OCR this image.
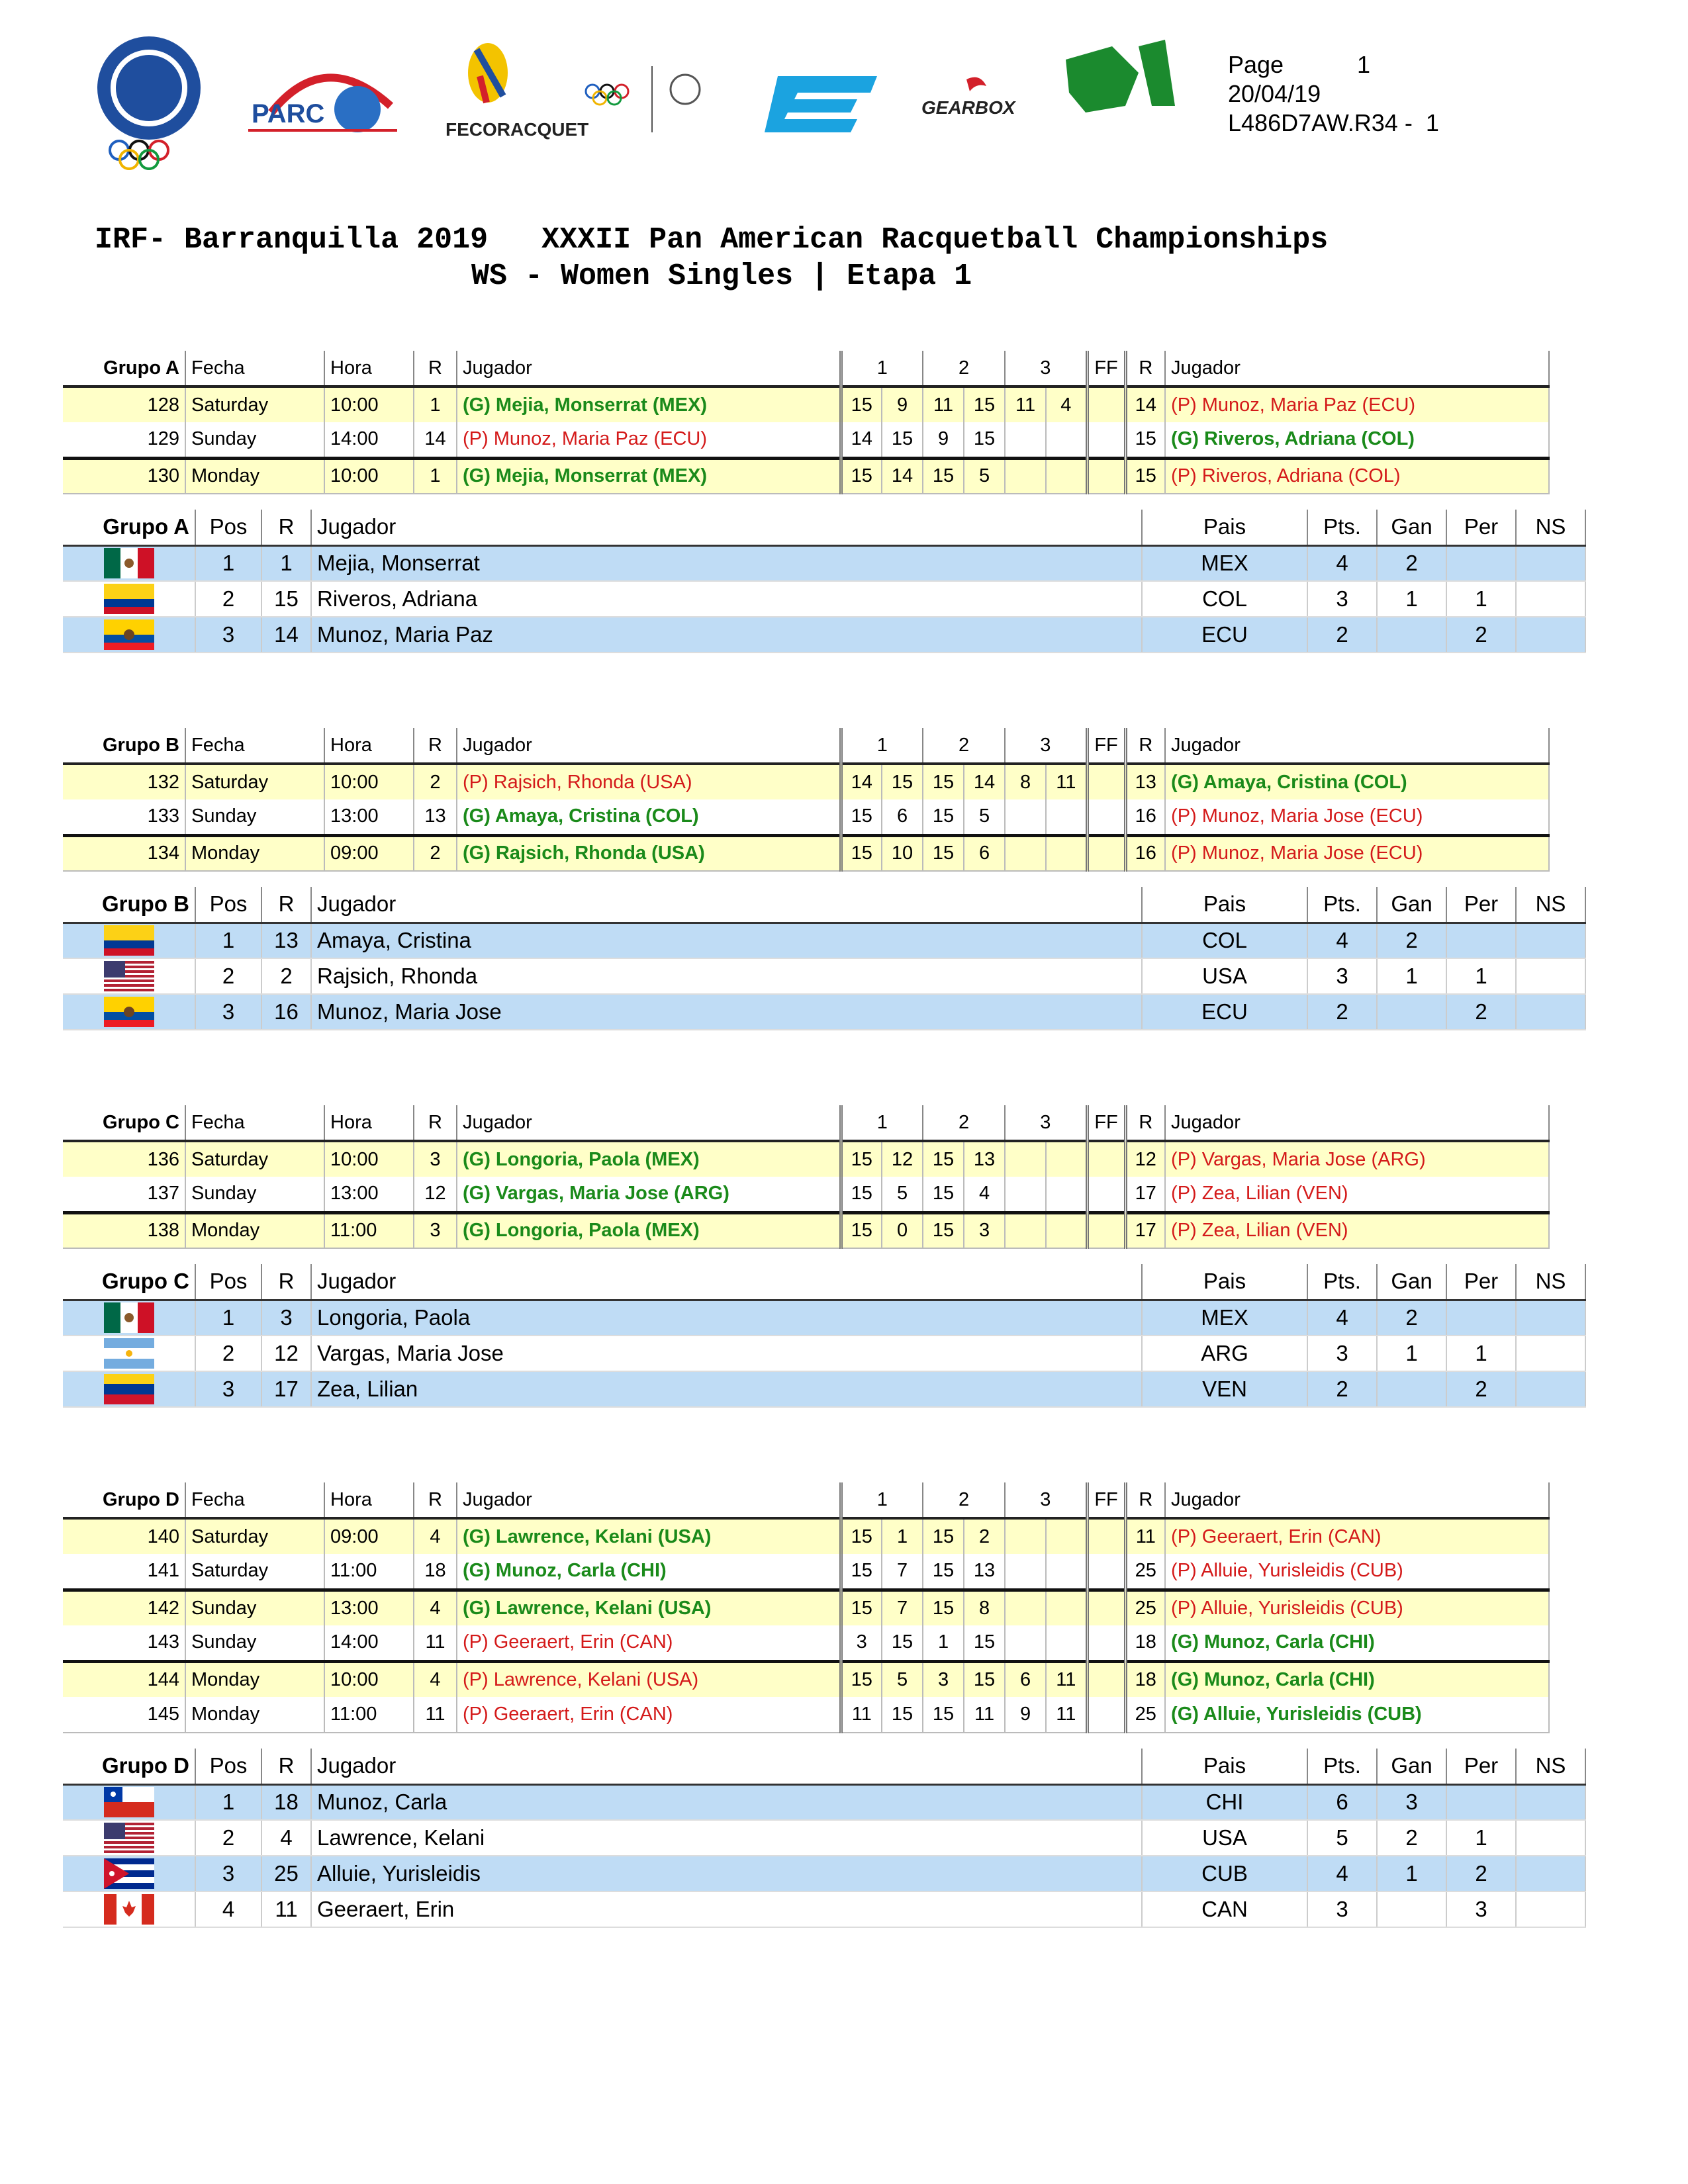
PARC
FECORACQUET
GEARBOX
Page	1
20/04/19
L486D7AW.R34 -
1
IRF- Barranquilla 2019   XXXII Pan American Racquetball Championships
WS - Women Singles | Etapa 1
Grupo A	Fecha	Hora	R	Jugador	1		2		3		FF	R	Jugador
128	Saturday	10:00	1	(G) Mejia, Monserrat (MEX)	15	9	11	15	11	4		14	(P) Munoz, Maria Paz (ECU)
129	Sunday	14:00	14	(P) Munoz, Maria Paz (ECU)	14	15	9	15				15	(G) Riveros, Adriana (COL)
130	Monday	10:00	1	(G) Mejia, Monserrat (MEX)	15	14	15	5				15	(P) Riveros, Adriana (COL)
Grupo A	Pos	R	Jugador	Pais	Pts.	Gan	Per	NS
	1	1	Mejia, Monserrat	MEX	4	2		
	2	15	Riveros, Adriana	COL	3	1	1	
	3	14	Munoz, Maria Paz	ECU	2		2	
Grupo B	Fecha	Hora	R	Jugador	1		2		3		FF	R	Jugador
132	Saturday	10:00	2	(P) Rajsich, Rhonda (USA)	14	15	15	14	8	11		13	(G) Amaya, Cristina (COL)
133	Sunday	13:00	13	(G) Amaya, Cristina (COL)	15	6	15	5				16	(P) Munoz, Maria Jose (ECU)
134	Monday	09:00	2	(G) Rajsich, Rhonda (USA)	15	10	15	6				16	(P) Munoz, Maria Jose (ECU)
Grupo B	Pos	R	Jugador	Pais	Pts.	Gan	Per	NS
	1	13	Amaya, Cristina	COL	4	2		
	2	2	Rajsich, Rhonda	USA	3	1	1	
	3	16	Munoz, Maria Jose	ECU	2		2	
Grupo C	Fecha	Hora	R	Jugador	1		2		3		FF	R	Jugador
136	Saturday	10:00	3	(G) Longoria, Paola (MEX)	15	12	15	13				12	(P) Vargas, Maria Jose (ARG)
137	Sunday	13:00	12	(G) Vargas, Maria Jose (ARG)	15	5	15	4				17	(P) Zea, Lilian (VEN)
138	Monday	11:00	3	(G) Longoria, Paola (MEX)	15	0	15	3				17	(P) Zea, Lilian (VEN)
Grupo C	Pos	R	Jugador	Pais	Pts.	Gan	Per	NS
	1	3	Longoria, Paola	MEX	4	2		
	2	12	Vargas, Maria Jose	ARG	3	1	1	
	3	17	Zea, Lilian	VEN	2		2	
Grupo D	Fecha	Hora	R	Jugador	1		2		3		FF	R	Jugador
140	Saturday	09:00	4	(G) Lawrence, Kelani (USA)	15	1	15	2				11	(P) Geeraert, Erin (CAN)
141	Saturday	11:00	18	(G) Munoz, Carla (CHI)	15	7	15	13				25	(P) Alluie, Yurisleidis (CUB)
142	Sunday	13:00	4	(G) Lawrence, Kelani (USA)	15	7	15	8				25	(P) Alluie, Yurisleidis (CUB)
143	Sunday	14:00	11	(P) Geeraert, Erin (CAN)	3	15	1	15				18	(G) Munoz, Carla (CHI)
144	Monday	10:00	4	(P) Lawrence, Kelani (USA)	15	5	3	15	6	11		18	(G) Munoz, Carla (CHI)
145	Monday	11:00	11	(P) Geeraert, Erin (CAN)	11	15	15	11	9	11		25	(G) Alluie, Yurisleidis (CUB)
Grupo D	Pos	R	Jugador	Pais	Pts.	Gan	Per	NS
	1	18	Munoz, Carla	CHI	6	3		
	2	4	Lawrence, Kelani	USA	5	2	1	
	3	25	Alluie, Yurisleidis	CUB	4	1	2	
	4	11	Geeraert, Erin	CAN	3		3	
